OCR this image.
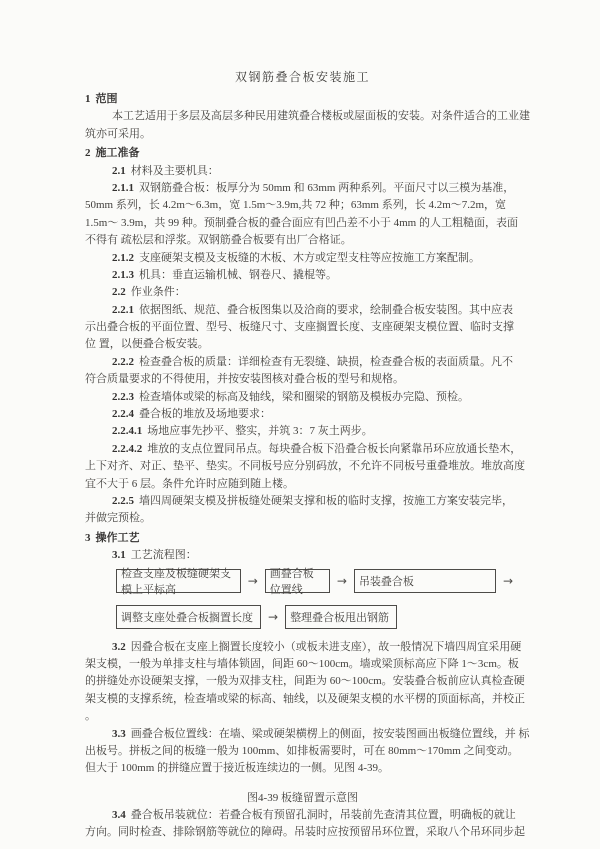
双钢筋叠合板安装施工
1 范围
本工艺适用于多层及高层多种民用建筑叠合楼板或屋面板的安装。对条件适合的工业建
筑亦可采用。
2 施工准备
2.1 材料及主要机具：
2.1.1 双钢筋叠合板：板厚分为 50mm 和 63mm 两种系列。平面尺寸以三模为基准，
50mm 系列，长 4.2m～6.3m，宽 1.5m～3.9m,共 72 种；63mm 系列，长 4.2m～7.2m，宽
1.5m～ 3.9m，共 99 种。预制叠合板的叠合面应有凹凸差不小于 4mm 的人工粗糙面，表面
不得有 疏松层和浮浆。双钢筋叠合板要有出厂合格证。
2.1.2 支座硬架支模及支板缝的木板、木方或定型支柱等应按施工方案配制。
2.1.3 机具：垂直运输机械、钢卷尺、撬棍等。
2.2 作业条件：
2.2.1 依据图纸、规范、叠合板图集以及洽商的要求，绘制叠合板安装图。其中应表
示出叠合板的平面位置、型号、板缝尺寸、支座搁置长度、支座硬架支模位置、临时支撑
位 置，以便叠合板安装。
2.2.2 检查叠合板的质量：详细检查有无裂缝、缺损，检查叠合板的表面质量。凡不
符合质量要求的不得使用，并按安装图核对叠合板的型号和规格。
2.2.3 检查墙体或梁的标高及轴线，梁和圈梁的钢筋及模板办完隐、预检。
2.2.4 叠合板的堆放及场地要求：
2.2.4.1 场地应事先抄平、整实，并筑 3：7 灰土两步。
2.2.4.2 堆放的支点位置同吊点。每块叠合板下沿叠合板长向紧靠吊环应放通长垫木，
上下对齐、对正、垫平、垫实。不同板号应分别码放，不允许不同板号重叠堆放。堆放高度
宜不大于 6 层。条件允许时应随到随上楼。
2.2.5 墙四周硬架支模及拼板缝处硬架支撑和板的临时支撑，按施工方案安装完毕，
并做完预检。
3 操作工艺
3.1 工艺流程图：
检查支座及板缝硬架支模上平标高
→	画叠合板位置线
→	吊装叠合板	→
调整支座处叠合板搁置长度	→	整理叠合板甩出钢筋
3.2 因叠合板在支座上搁置长度较小（或板未进支座），故一般情况下墙四周宜采用硬
架支模，一般为单排支柱与墙体锁固，间距 60～100cm。墙或梁顶标高应下降 1～3cm。板
的拼缝处亦设硬架支撑，一般为双排支柱，间距为 60～100cm。安装叠合板前应认真检查硬
架支模的支撑系统，检查墙或梁的标高、轴线，以及硬架支模的水平楞的顶面标高，并校正
。
3.3 画叠合板位置线：在墙、梁或硬架横楞上的侧面，按安装图画出板缝位置线，并 标
出板号。拼板之间的板缝一般为 100mm、如排板需要时，可在 80mm～170mm 之间变动。
但大于 100mm 的拼缝应置于接近板连续边的一侧。见图 4-39。
图4-39 板缝留置示意图
3.4 叠合板吊装就位：若叠合板有预留孔洞时，吊装前先查清其位置，明确板的就让
方向。同时检查、排除钢筋等就位的障碍。吊装时应按预留吊环位置，采取八个吊环同步起
